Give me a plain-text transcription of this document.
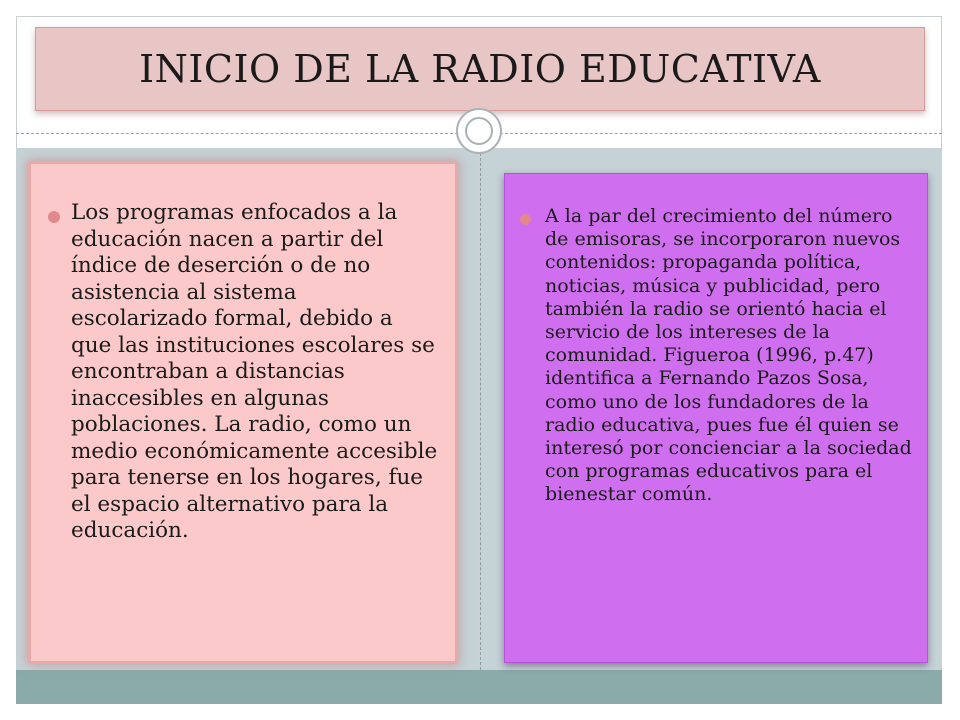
INICIO DE LA RADIO EDUCATIVA

Los programas enfocados a la educación nacen a partir del índice de deserción o de no asistencia al sistema escolarizado formal, debido a que las instituciones escolares se encontraban a distancias inaccesibles en algunas poblaciones. La radio, como un medio económicamente accesible para tenerse en los hogares, fue el espacio alternativo para la educación.

A la par del crecimiento del número de emisoras, se incorporaron nuevos contenidos: propaganda política, noticias, música y publicidad, pero también la radio se orientó hacia el servicio de los intereses de la comunidad. Figueroa (1996, p.47) identifica a Fernando Pazos Sosa, como uno de los fundadores de la radio educativa, pues fue él quien se interesó por concienciar a la sociedad con programas educativos para el bienestar común.
